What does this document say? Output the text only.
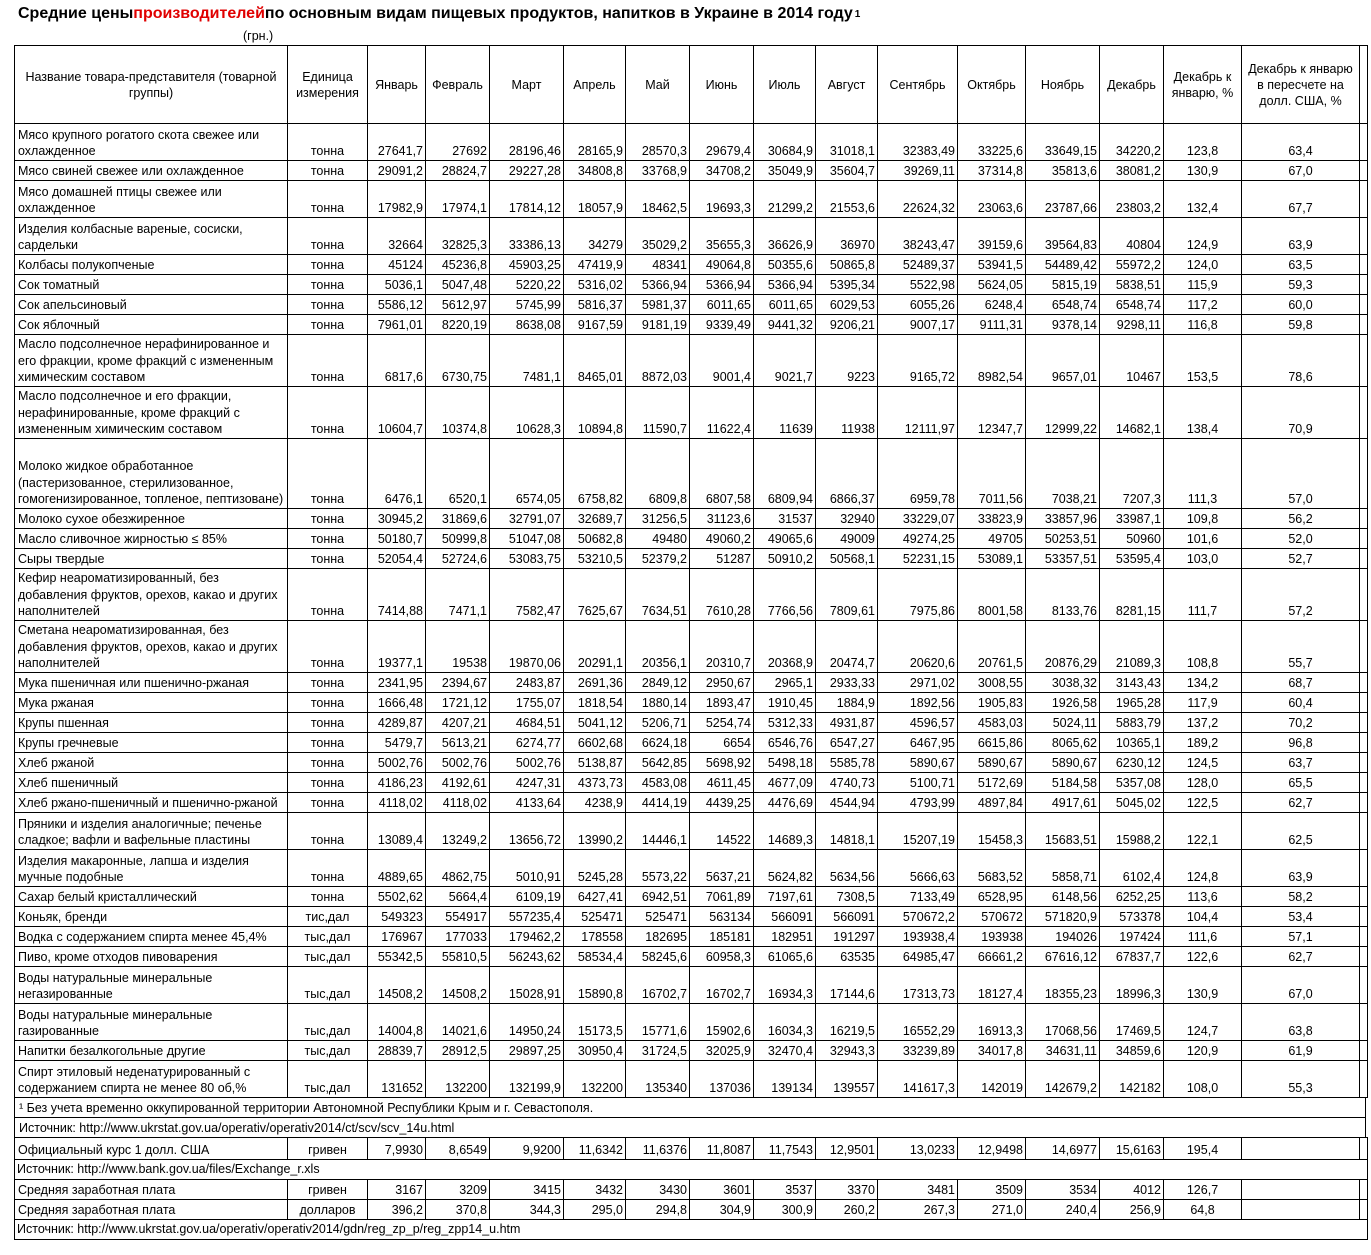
Средние цены производителей по основным видам пищевых продуктов, напитков в Украине в 2014 году 1
(грн.)
Название товара-представителя (товарной группы)	Единица измерения	Январь	Февраль	Март	Апрель	Май	Июнь	Июль	Август	Сентябрь	Октябрь	Ноябрь	Декабрь	Декабрь к январю, %	Декабрь к январю в пересчете на долл. США, %	
Мясо крупного рогатого скота свежее или охлажденное	тонна	27641,7	27692	28196,46	28165,9	28570,3	29679,4	30684,9	31018,1	32383,49	33225,6	33649,15	34220,2	123,8	63,4	
Мясо свиней свежее или охлажденное	тонна	29091,2	28824,7	29227,28	34808,8	33768,9	34708,2	35049,9	35604,7	39269,11	37314,8	35813,6	38081,2	130,9	67,0	
Мясо домашней птицы свежее или охлажденное	тонна	17982,9	17974,1	17814,12	18057,9	18462,5	19693,3	21299,2	21553,6	22624,32	23063,6	23787,66	23803,2	132,4	67,7	
Изделия колбасные вареные, сосиски, сардельки	тонна	32664	32825,3	33386,13	34279	35029,2	35655,3	36626,9	36970	38243,47	39159,6	39564,83	40804	124,9	63,9	
Колбасы полукопченые	тонна	45124	45236,8	45903,25	47419,9	48341	49064,8	50355,6	50865,8	52489,37	53941,5	54489,42	55972,2	124,0	63,5	
Сок томатный	тонна	5036,1	5047,48	5220,22	5316,02	5366,94	5366,94	5366,94	5395,34	5522,98	5624,05	5815,19	5838,51	115,9	59,3	
Сок апельсиновый	тонна	5586,12	5612,97	5745,99	5816,37	5981,37	6011,65	6011,65	6029,53	6055,26	6248,4	6548,74	6548,74	117,2	60,0	
Сок яблочный	тонна	7961,01	8220,19	8638,08	9167,59	9181,19	9339,49	9441,32	9206,21	9007,17	9111,31	9378,14	9298,11	116,8	59,8	
Масло подсолнечное нерафинированное и его фракции, кроме фракций с измененным химическим составом	тонна	6817,6	6730,75	7481,1	8465,01	8872,03	9001,4	9021,7	9223	9165,72	8982,54	9657,01	10467	153,5	78,6	
Масло подсолнечное и его фракции, нерафинированные, кроме фракций с измененным химическим составом	тонна	10604,7	10374,8	10628,3	10894,8	11590,7	11622,4	11639	11938	12111,97	12347,7	12999,22	14682,1	138,4	70,9	
Молоко жидкое обработанное (пастеризованное, стерилизованное, гомогенизированное, топленое, пептизоване)	тонна	6476,1	6520,1	6574,05	6758,82	6809,8	6807,58	6809,94	6866,37	6959,78	7011,56	7038,21	7207,3	111,3	57,0	
Молоко сухое обезжиренное	тонна	30945,2	31869,6	32791,07	32689,7	31256,5	31123,6	31537	32940	33229,07	33823,9	33857,96	33987,1	109,8	56,2	
Масло сливочное жирностью ≤ 85%	тонна	50180,7	50999,8	51047,08	50682,8	49480	49060,2	49065,6	49009	49274,25	49705	50253,51	50960	101,6	52,0	
Сыры твердые	тонна	52054,4	52724,6	53083,75	53210,5	52379,2	51287	50910,2	50568,1	52231,15	53089,1	53357,51	53595,4	103,0	52,7	
Кефир неароматизированный, без добавления фруктов, орехов, какао и других наполнителей	тонна	7414,88	7471,1	7582,47	7625,67	7634,51	7610,28	7766,56	7809,61	7975,86	8001,58	8133,76	8281,15	111,7	57,2	
Сметана неароматизированная, без добавления фруктов, орехов, какао и других наполнителей	тонна	19377,1	19538	19870,06	20291,1	20356,1	20310,7	20368,9	20474,7	20620,6	20761,5	20876,29	21089,3	108,8	55,7	
Мука пшеничная или пшенично-ржаная	тонна	2341,95	2394,67	2483,87	2691,36	2849,12	2950,67	2965,1	2933,33	2971,02	3008,55	3038,32	3143,43	134,2	68,7	
Мука ржаная	тонна	1666,48	1721,12	1755,07	1818,54	1880,14	1893,47	1910,45	1884,9	1892,56	1905,83	1926,58	1965,28	117,9	60,4	
Крупы пшенная	тонна	4289,87	4207,21	4684,51	5041,12	5206,71	5254,74	5312,33	4931,87	4596,57	4583,03	5024,11	5883,79	137,2	70,2	
Крупы гречневые	тонна	5479,7	5613,21	6274,77	6602,68	6624,18	6654	6546,76	6547,27	6467,95	6615,86	8065,62	10365,1	189,2	96,8	
Хлеб ржаной	тонна	5002,76	5002,76	5002,76	5138,87	5642,85	5698,92	5498,18	5585,78	5890,67	5890,67	5890,67	6230,12	124,5	63,7	
Хлеб пшеничный	тонна	4186,23	4192,61	4247,31	4373,73	4583,08	4611,45	4677,09	4740,73	5100,71	5172,69	5184,58	5357,08	128,0	65,5	
Хлеб ржано-пшеничный и пшенично-ржаной	тонна	4118,02	4118,02	4133,64	4238,9	4414,19	4439,25	4476,69	4544,94	4793,99	4897,84	4917,61	5045,02	122,5	62,7	
Пряники и изделия аналогичные; печенье сладкое; вафли и вафельные пластины	тонна	13089,4	13249,2	13656,72	13990,2	14446,1	14522	14689,3	14818,1	15207,19	15458,3	15683,51	15988,2	122,1	62,5	
Изделия макаронные, лапша и изделия мучные подобные	тонна	4889,65	4862,75	5010,91	5245,28	5573,22	5637,21	5624,82	5634,56	5666,63	5683,52	5858,71	6102,4	124,8	63,9	
Сахар белый кристаллический	тонна	5502,62	5664,4	6109,19	6427,41	6942,51	7061,89	7197,61	7308,5	7133,49	6528,95	6148,56	6252,25	113,6	58,2	
Коньяк, бренди	тис,дал	549323	554917	557235,4	525471	525471	563134	566091	566091	570672,2	570672	571820,9	573378	104,4	53,4	
Водка с содержанием спирта менее 45,4%	тыс,дал	176967	177033	179462,2	178558	182695	185181	182951	191297	193938,4	193938	194026	197424	111,6	57,1	
Пиво, кроме отходов пивоварения	тыс,дал	55342,5	55810,5	56243,62	58534,4	58245,6	60958,3	61065,6	63535	64985,47	66661,2	67616,12	67837,7	122,6	62,7	
Воды натуральные минеральные негазированные	тыс,дал	14508,2	14508,2	15028,91	15890,8	16702,7	16702,7	16934,3	17144,6	17313,73	18127,4	18355,23	18996,3	130,9	67,0	
Воды натуральные минеральные газированные	тыс,дал	14004,8	14021,6	14950,24	15173,5	15771,6	15902,6	16034,3	16219,5	16552,29	16913,3	17068,56	17469,5	124,7	63,8	
Напитки безалкогольные другие	тыс,дал	28839,7	28912,5	29897,25	30950,4	31724,5	32025,9	32470,4	32943,3	33239,89	34017,8	34631,11	34859,6	120,9	61,9	
Спирт этиловый неденатурированный с содержанием спирта не менее 80 об,%	тыс,дал	131652	132200	132199,9	132200	135340	137036	139134	139557	141617,3	142019	142679,2	142182	108,0	55,3	
¹ Без учета временно оккупированной территории Автономной Республики Крым и г. Севастополя.
Источник: http://www.ukrstat.gov.ua/operativ/operativ2014/ct/scv/scv_14u.html
Официальный курс 1 долл. США	гривен	7,9930	8,6549	9,9200	11,6342	11,6376	11,8087	11,7543	12,9501	13,0233	12,9498	14,6977	15,6163	195,4		
Источник: http://www.bank.gov.ua/files/Exchange_r.xls																
Средняя заработная плата	гривен	3167	3209	3415	3432	3430	3601	3537	3370	3481	3509	3534	4012	126,7		
Средняя заработная плата	долларов	396,2	370,8	344,3	295,0	294,8	304,9	300,9	260,2	267,3	271,0	240,4	256,9	64,8		
Источник: http://www.ukrstat.gov.ua/operativ/operativ2014/gdn/reg_zp_p/reg_zpp14_u.htm																
